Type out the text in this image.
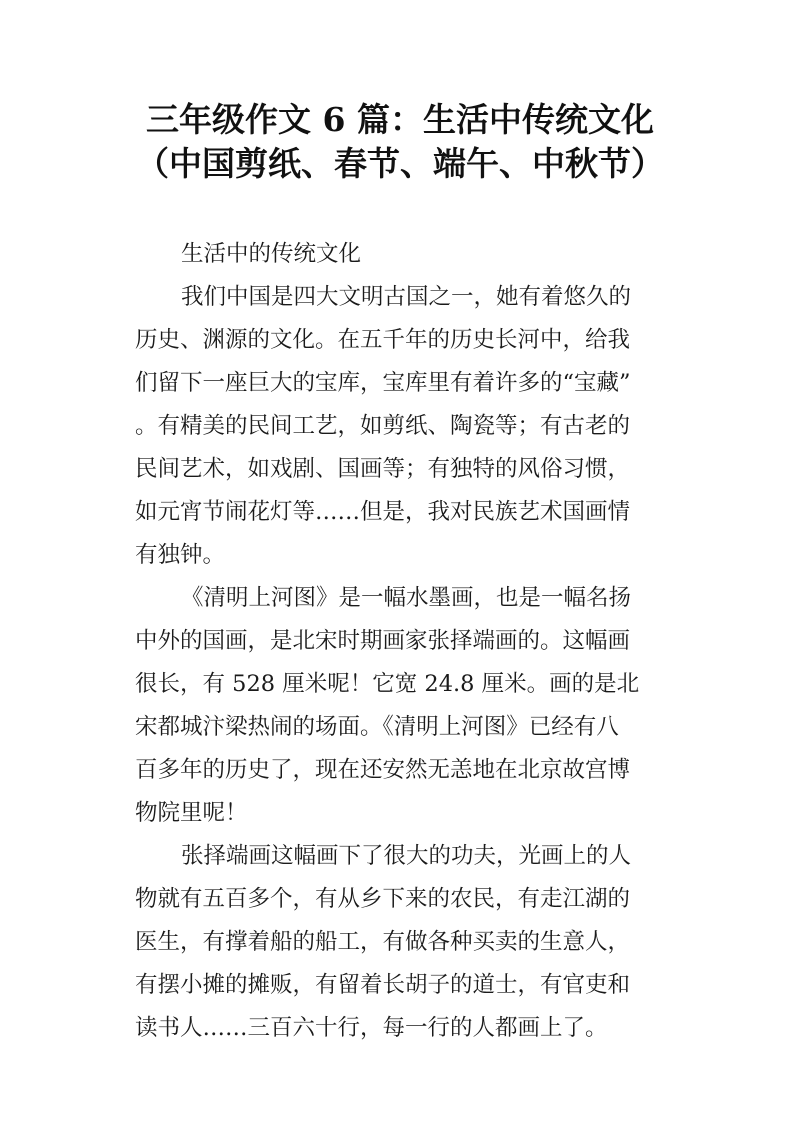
三年级作文 6 篇：生活中传统文化
（中国剪纸、春节、端午、中秋节）
生活中的传统文化
我们中国是四大文明古国之一，她有着悠久的
历史、渊源的文化。在五千年的历史长河中，给我
们留下一座巨大的宝库，宝库里有着许多的“宝藏”
。有精美的民间工艺，如剪纸、陶瓷等；有古老的
民间艺术，如戏剧、国画等；有独特的风俗习惯，
如元宵节闹花灯等……但是，我对民族艺术国画情
有独钟。
《清明上河图》是一幅水墨画，也是一幅名扬
中外的国画，是北宋时期画家张择端画的。这幅画
很长，有 528 厘米呢！它宽 24.8 厘米。画的是北
宋都城汴梁热闹的场面。《清明上河图》已经有八
百多年的历史了，现在还安然无恙地在北京故宫博
物院里呢！
张择端画这幅画下了很大的功夫，光画上的人
物就有五百多个，有从乡下来的农民，有走江湖的
医生，有撑着船的船工，有做各种买卖的生意人，
有摆小摊的摊贩，有留着长胡子的道士，有官吏和
读书人……三百六十行，每一行的人都画上了。
